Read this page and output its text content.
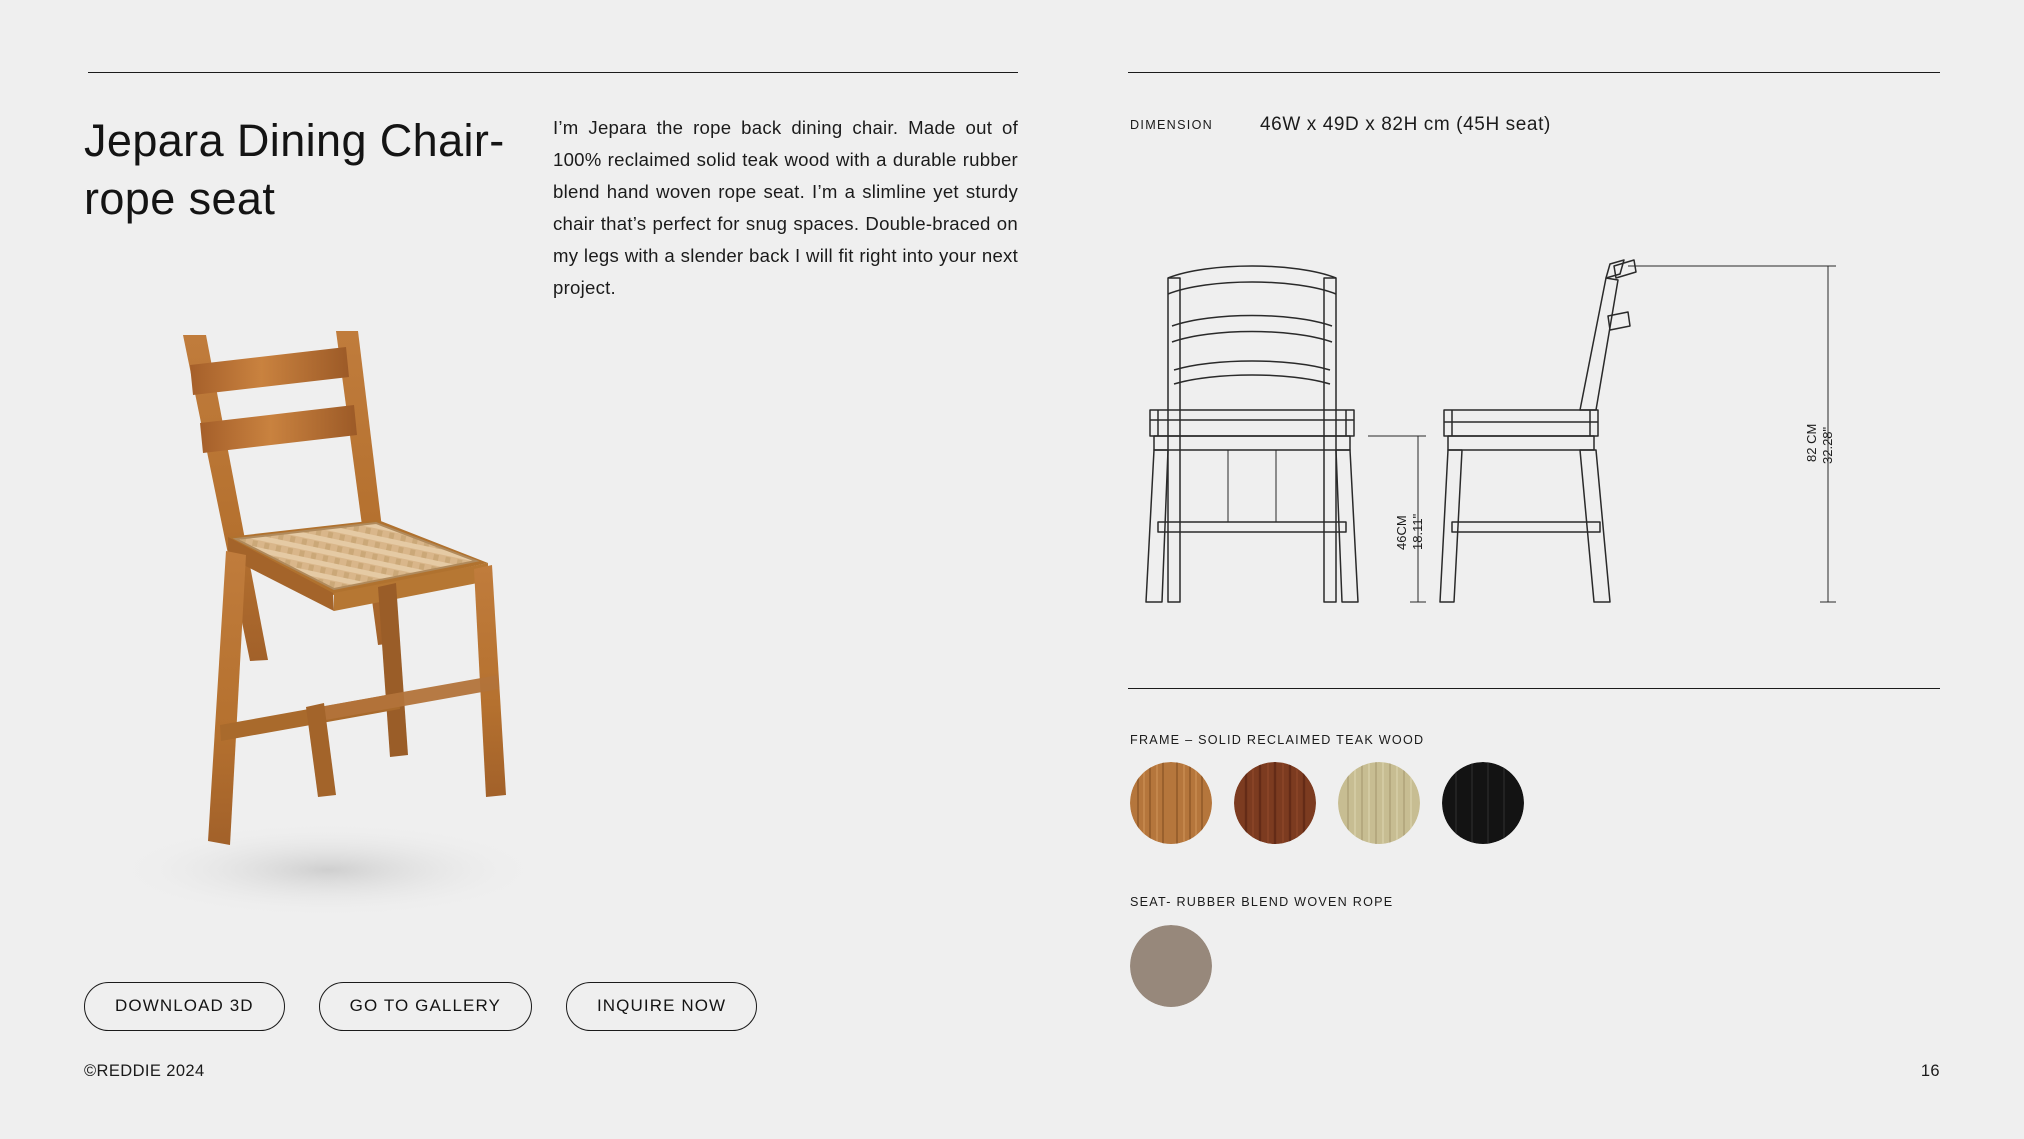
Jepara Dining Chair-rope seat

I’m Jepara the rope back dining chair. Made out of 100% reclaimed solid teak wood with a durable rubber blend hand woven rope seat. I’m a slimline yet sturdy chair that’s perfect for snug spaces. Double-braced on my legs with a slender back I will fit right into your next project.

DOWNLOAD 3D	GO TO GALLERY	INQUIRE NOW
©REDDIE 2024	16
DIMENSION 46W x 49D x 82H cm (45H seat)
46CM 18.11"
82 CM 32.28"
FRAME – SOLID RECLAIMED TEAK WOOD
SEAT- RUBBER BLEND WOVEN ROPE
